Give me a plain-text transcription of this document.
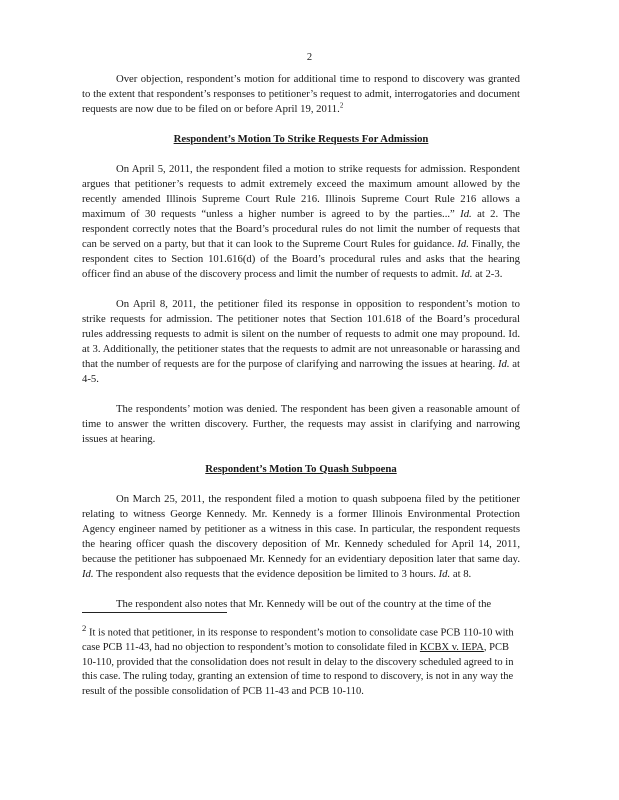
2

Over objection, respondent’s motion for additional time to respond to discovery was granted to the extent that respondent’s responses to petitioner’s request to admit, interrogatories and document requests are now due to be filed on or before April 19, 2011.$^2$

Respondent’s Motion To Strike Requests For Admission

On April 5, 2011, the respondent filed a motion to strike requests for admission. Respondent argues that petitioner’s requests to admit extremely exceed the maximum amount allowed by the recently amended Illinois Supreme Court Rule 216. Illinois Supreme Court Rule 216 allows a maximum of 30 requests “unless a higher number is agreed to by the parties...” Id. at 2. The respondent correctly notes that the Board’s procedural rules do not limit the number of requests that can be served on a party, but that it can look to the Supreme Court Rules for guidance. Id. Finally, the respondent cites to Section 101.616(d) of the Board’s procedural rules and asks that the hearing officer find an abuse of the discovery process and limit the number of requests to admit. Id. at 2-3.

On April 8, 2011, the petitioner filed its response in opposition to respondent’s motion to strike requests for admission. The petitioner notes that Section 101.618 of the Board’s procedural rules addressing requests to admit is silent on the number of requests to admit one may propound. Id. at 3. Additionally, the petitioner states that the requests to admit are not unreasonable or harassing and that the number of requests are for the purpose of clarifying and narrowing the issues at hearing. Id. at 4-5.

The respondents’ motion was denied. The respondent has been given a reasonable amount of time to answer the written discovery. Further, the requests may assist in clarifying and narrowing issues at hearing.

Respondent’s Motion To Quash Subpoena

On March 25, 2011, the respondent filed a motion to quash subpoena filed by the petitioner relating to witness George Kennedy. Mr. Kennedy is a former Illinois Environmental Protection Agency engineer named by petitioner as a witness in this case. In particular, the respondent requests the hearing officer quash the discovery deposition of Mr. Kennedy scheduled for April 14, 2011, because the petitioner has subpoenaed Mr. Kennedy for an evidentiary deposition later that same day. Id. The respondent also requests that the evidence deposition be limited to 3 hours. Id. at 8.

The respondent also notes that Mr. Kennedy will be out of the country at the time of the

$^2$ It is noted that petitioner, in its response to respondent’s motion to consolidate case PCB 110-10 with case PCB 11-43, had no objection to respondent’s motion to consolidate filed in KCBX v. IEPA, PCB 10-110, provided that the consolidation does not result in delay to the discovery scheduled agreed to in this case. The ruling today, granting an extension of time to respond to discovery, is not in any way the result of the possible consolidation of PCB 11-43 and PCB 10-110.
